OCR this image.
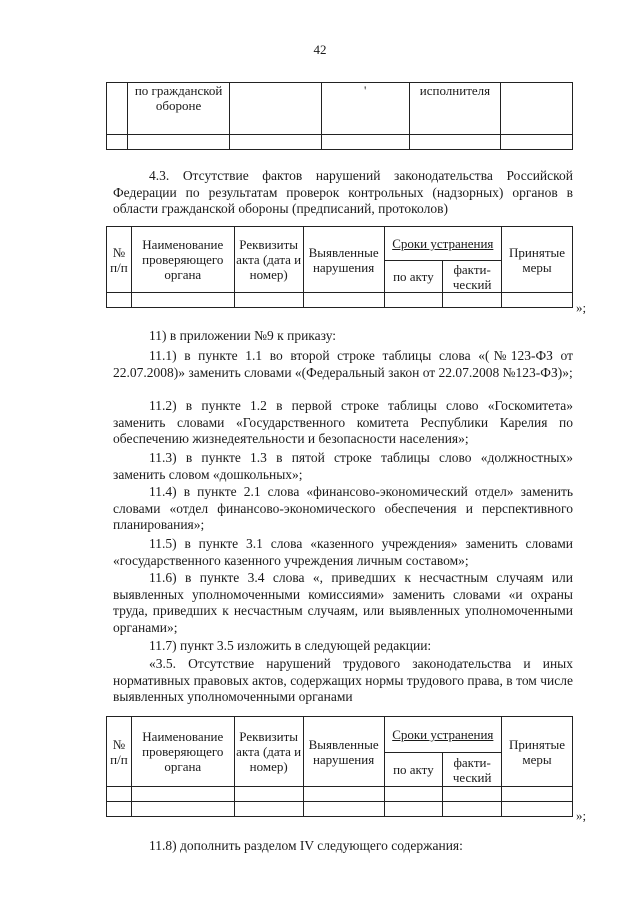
42
	по гражданской обороне		'	исполнителя	

4.3. Отсутствие фактов нарушений законодательства Российской Федерации по результатам проверок контрольных (надзорных) органов в области гражданской обороны (предписаний, протоколов)
№ п/п	Наименование проверяющего органа	Реквизиты акта (дата и номер)	Выявленные нарушения	Сроки устранения		Принятые меры
				по акту	факти-ческий	

»;
11) в приложении №9 к приказу:
11.1) в пункте 1.1 во второй строке таблицы слова «(№123-ФЗ от 22.07.2008)» заменить словами «(Федеральный закон от 22.07.2008 №123-ФЗ)»;
11.2) в пункте 1.2 в первой строке таблицы слово «Госкомитета» заменить словами «Государственного комитета Республики Карелия по обеспечению жизнедеятельности и безопасности населения»;
11.3) в пункте 1.3 в пятой строке таблицы слово «должностных» заменить словом «дошкольных»;
11.4) в пункте 2.1 слова «финансово-экономический отдел» заменить словами «отдел финансово-экономического обеспечения и перспективного планирования»;
11.5) в пункте 3.1 слова «казенного учреждения» заменить словами «государственного казенного учреждения личным составом»;
11.6) в пункте 3.4 слова «, приведших к несчастным случаям или выявленных уполномоченными комиссиями» заменить словами «и охраны труда, приведших к несчастным случаям, или выявленных уполномоченными органами»;
11.7) пункт 3.5 изложить в следующей редакции:
«3.5. Отсутствие нарушений трудового законодательства и иных нормативных правовых актов, содержащих нормы трудового права, в том числе выявленных уполномоченными органами
№ п/п	Наименование проверяющего органа	Реквизиты акта (дата и номер)	Выявленные нарушения	Сроки устранения		Принятые меры
				по акту	факти-ческий	

»;
11.8) дополнить разделом IV следующего содержания:
